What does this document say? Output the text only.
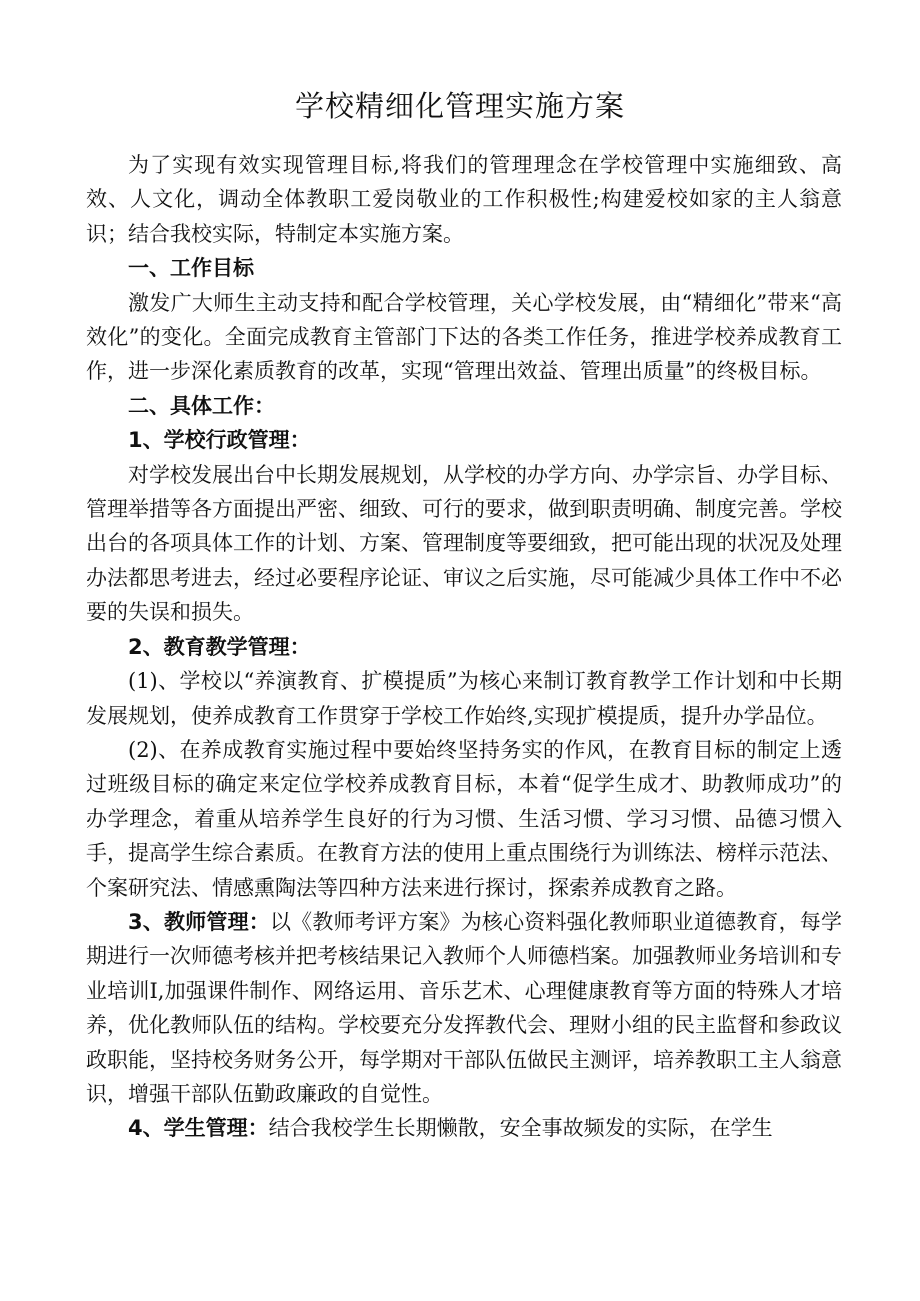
学校精细化管理实施方案

为了实现有效实现管理目标,将我们的管理理念在学校管理中实施细致、高效、人文化，调动全体教职工爱岗敬业的工作积极性;构建爱校如家的主人翁意识；结合我校实际，特制定本实施方案。

一、工作目标

激发广大师生主动支持和配合学校管理，关心学校发展，由“精细化”带来“高效化”的变化。全面完成教育主管部门下达的各类工作任务，推进学校养成教育工作，进一步深化素质教育的改革，实现“管理出效益、管理出质量”的终极目标。

二、具体工作：

1、学校行政管理：

对学校发展出台中长期发展规划，从学校的办学方向、办学宗旨、办学目标、管理举措等各方面提出严密、细致、可行的要求，做到职责明确、制度完善。学校出台的各项具体工作的计划、方案、管理制度等要细致，把可能出现的状况及处理办法都思考进去，经过必要程序论证、审议之后实施，尽可能减少具体工作中不必要的失误和损失。

2、教育教学管理：

(1)、学校以“养演教育、扩模提质”为核心来制订教育教学工作计划和中长期发展规划，使养成教育工作贯穿于学校工作始终,实现扩模提质，提升办学品位。

(2)、在养成教育实施过程中要始终坚持务实的作风，在教育目标的制定上透过班级目标的确定来定位学校养成教育目标，本着“促学生成才、助教师成功”的办学理念，着重从培养学生良好的行为习惯、生活习惯、学习习惯、品德习惯入手，提高学生综合素质。在教育方法的使用上重点围绕行为训练法、榜样示范法、个案研究法、情感熏陶法等四种方法来进行探讨，探索养成教育之路。

3、教师管理：以《教师考评方案》为核心资料强化教师职业道德教育，每学期进行一次师德考核并把考核结果记入教师个人师德档案。加强教师业务培训和专业培训I,加强课件制作、网络运用、音乐艺术、心理健康教育等方面的特殊人才培养，优化教师队伍的结构。学校要充分发挥教代会、理财小组的民主监督和参政议政职能，坚持校务财务公开，每学期对干部队伍做民主测评，培养教职工主人翁意识，增强干部队伍勤政廉政的自觉性。

4、学生管理：结合我校学生长期懒散，安全事故频发的实际，在学生
